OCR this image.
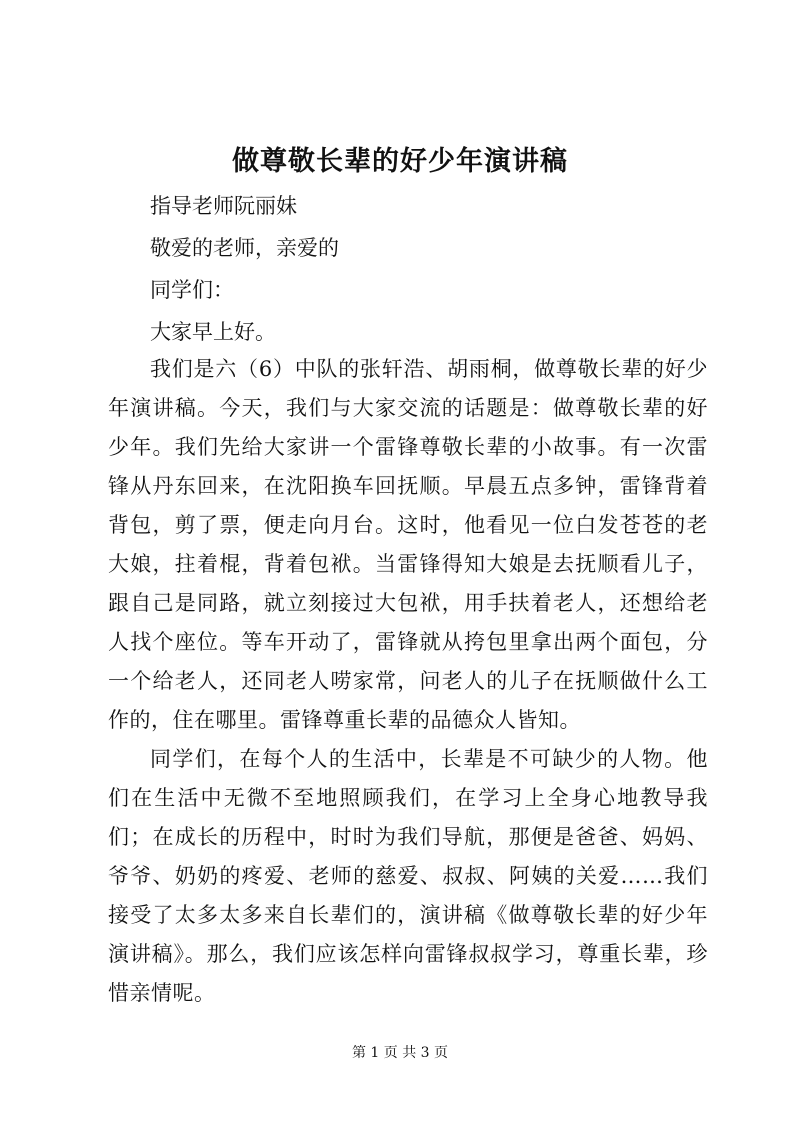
做尊敬长辈的好少年演讲稿
指导老师阮丽妹
敬爱的老师，亲爱的
同学们：
大家早上好。

我们是六（6）中队的张轩浩、胡雨桐，做尊敬长辈的好少年演讲稿。今天，我们与大家交流的话题是：做尊敬长辈的好少年。我们先给大家讲一个雷锋尊敬长辈的小故事。有一次雷锋从丹东回来，在沈阳换车回抚顺。早晨五点多钟，雷锋背着背包，剪了票，便走向月台。这时，他看见一位白发苍苍的老大娘，拄着棍，背着包袱。当雷锋得知大娘是去抚顺看儿子，跟自己是同路，就立刻接过大包袱，用手扶着老人，还想给老人找个座位。等车开动了，雷锋就从挎包里拿出两个面包，分一个给老人，还同老人唠家常，问老人的儿子在抚顺做什么工作的，住在哪里。雷锋尊重长辈的品德众人皆知。

同学们，在每个人的生活中，长辈是不可缺少的人物。他们在生活中无微不至地照顾我们，在学习上全身心地教导我们；在成长的历程中，时时为我们导航，那便是爸爸、妈妈、爷爷、奶奶的疼爱、老师的慈爱、叔叔、阿姨的关爱……我们接受了太多太多来自长辈们的，演讲稿《做尊敬长辈的好少年演讲稿》。那么，我们应该怎样向雷锋叔叔学习，尊重长辈，珍惜亲情呢。

第 1 页 共 3 页
